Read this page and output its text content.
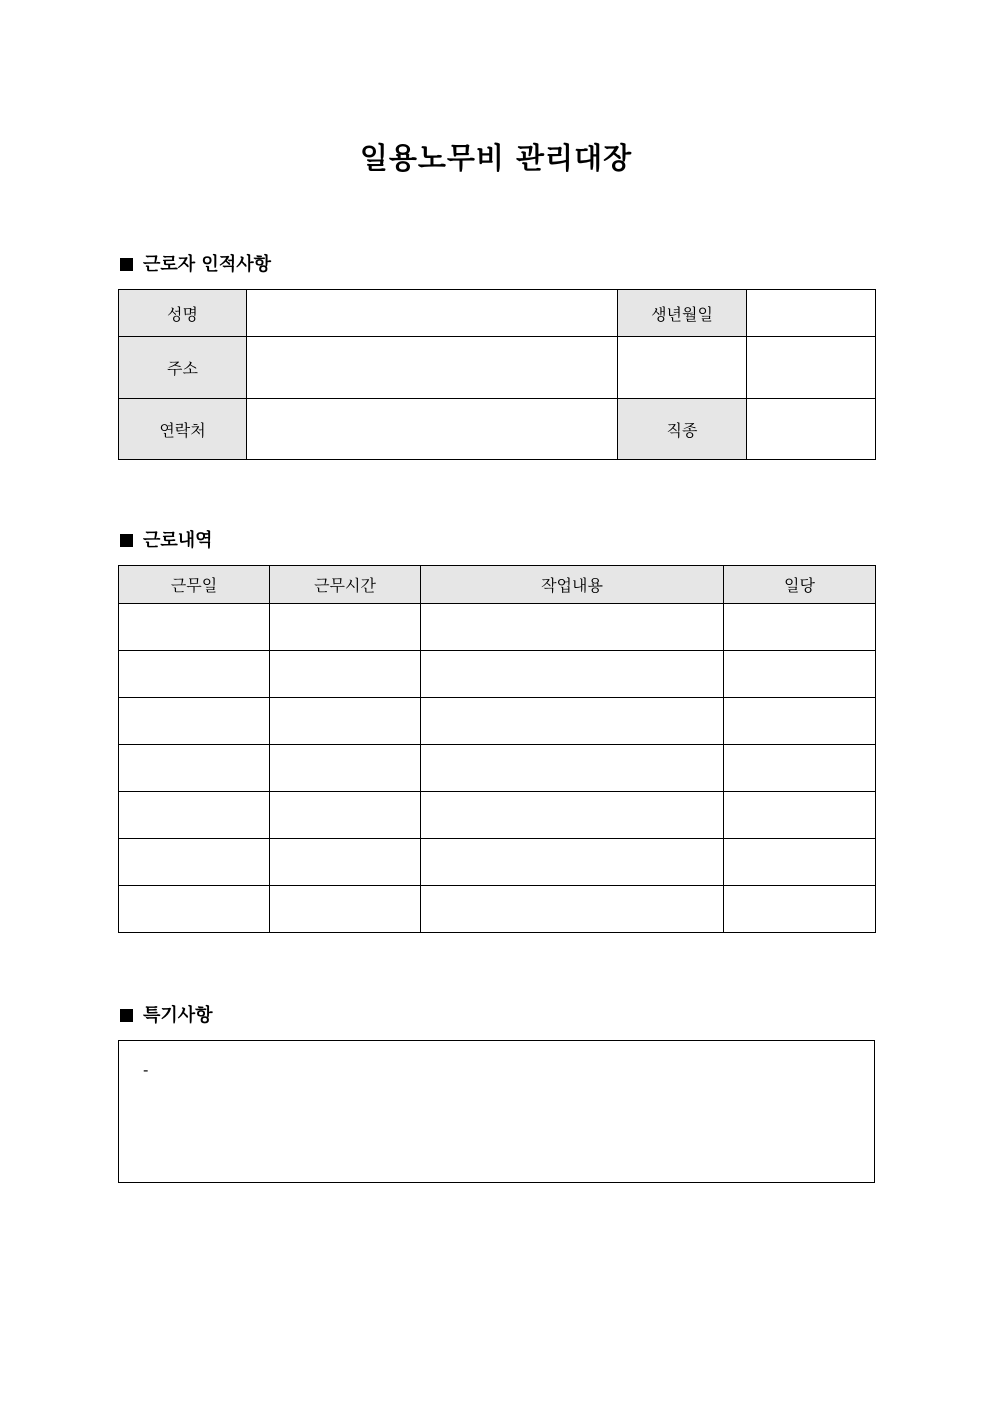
일용노무비 관리대장
근로자 인적사항
성명		생년월일	
주소			
연락처		직종	
근로내역
근무일	근무시간	작업내용	일당

특기사항
-
